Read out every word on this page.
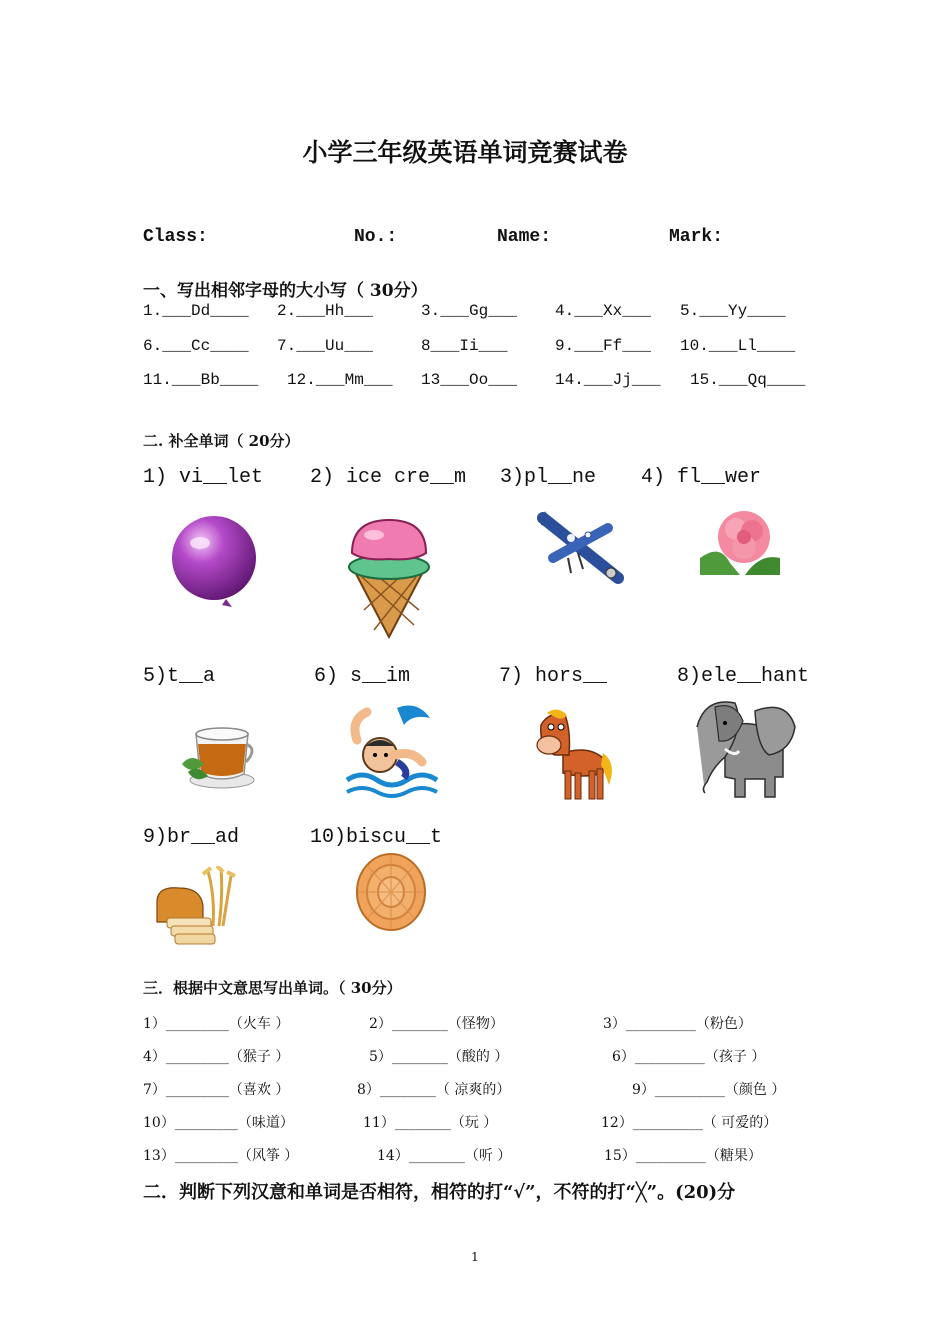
小学三年级英语单词竞赛试卷
Class:	No.:	Name:	Mark:
一、写出相邻字母的大小写（ 30分）
1.___Dd____ 2.___Hh___	3.___Gg___ 4.___Xx___ 5.___Yy____
6.___Cc____ 7.___Uu___	8___Ii___	9.___Ff___ 10.___Ll____
11.___Bb____ 12.___Mm___ 13___Oo___ 14.___Jj___ 15.___Qq____
二. 补全单词（ 20分）
1) vi__let 2) ice cre__m 3)pl__ne 4) fl__wer
5)t__a	6) s__im	7) hors__	8)ele__hant
9)br__ad	10)biscu__t
三．根据中文意思写出单词。（ 30分）
1）_________（火车 ）	2）________（怪物）	3）__________（粉色）
4）_________（猴子 ）	5）________（酸的 ）	6）__________（孩子 ）
7）_________（喜欢 ）	8）________（ 凉爽的）	9）__________（颜色 ）
10）_________（味道）	11）________（玩 ）	12）__________（ 可爱的）
13）_________（风筝 ）	14）________（听 ）	15）__________（糖果）
二．判断下列汉意和单词是否相符，相符的打“√”，不符的打“╳”。(20)分
1
